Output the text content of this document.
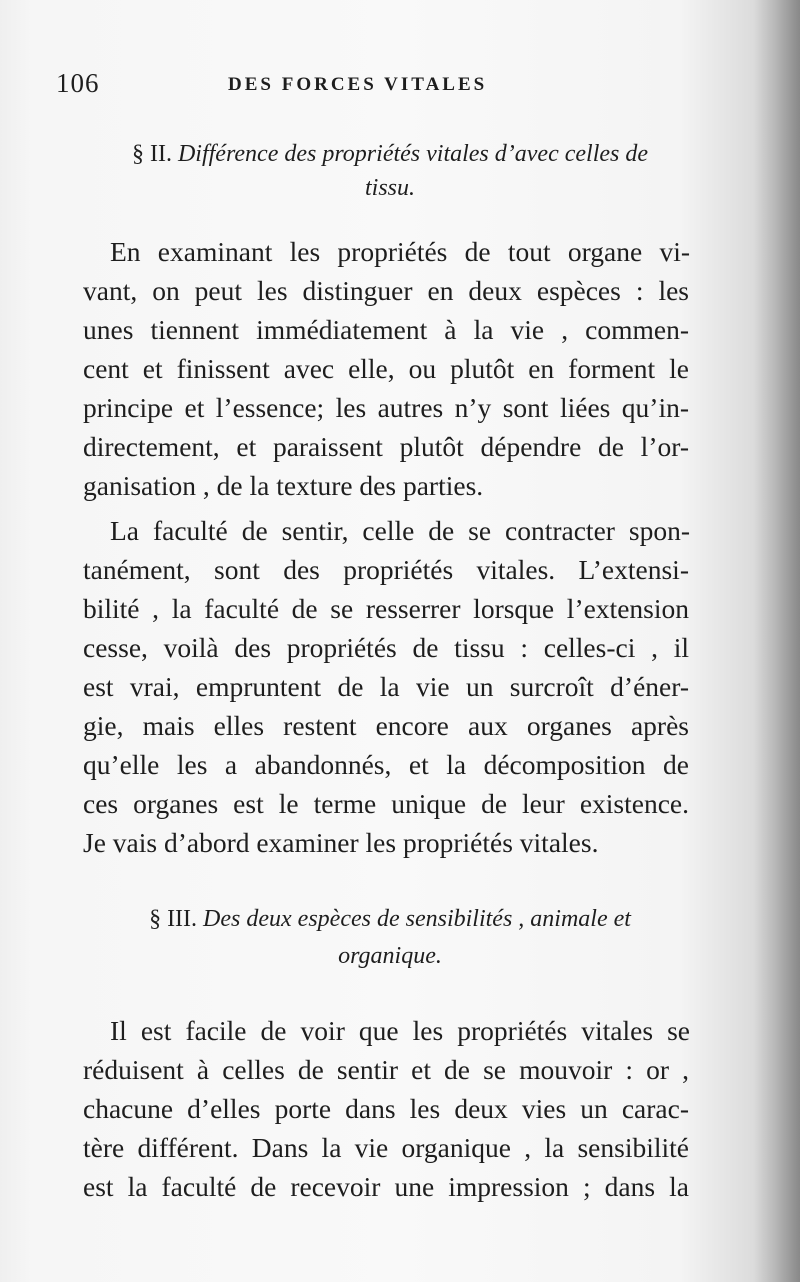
106	DES FORCES VITALES
§ II. Différence des propriétés vitales d’avec celles de
tissu.
En examinant les propriétés de tout organe vi-
vant, on peut les distinguer en deux espèces : les
unes tiennent immédiatement à la vie , commen-
cent et finissent avec elle, ou plutôt en forment le
principe et l’essence; les autres n’y sont liées qu’in-
directement, et paraissent plutôt dépendre de l’or-
ganisation , de la texture des parties.
La faculté de sentir, celle de se contracter spon-
tanément, sont des propriétés vitales. L’extensi-
bilité , la faculté de se resserrer lorsque l’extension
cesse, voilà des propriétés de tissu : celles-ci , il
est vrai, empruntent de la vie un surcroît d’éner-
gie, mais elles restent encore aux organes après
qu’elle les a abandonnés, et la décomposition de
ces organes est le terme unique de leur existence.
Je vais d’abord examiner les propriétés vitales.
§ III. Des deux espèces de sensibilités , animale et
organique.
Il est facile de voir que les propriétés vitales se
réduisent à celles de sentir et de se mouvoir : or ,
chacune d’elles porte dans les deux vies un carac-
tère différent. Dans la vie organique , la sensibilité
est la faculté de recevoir une impression ; dans la
